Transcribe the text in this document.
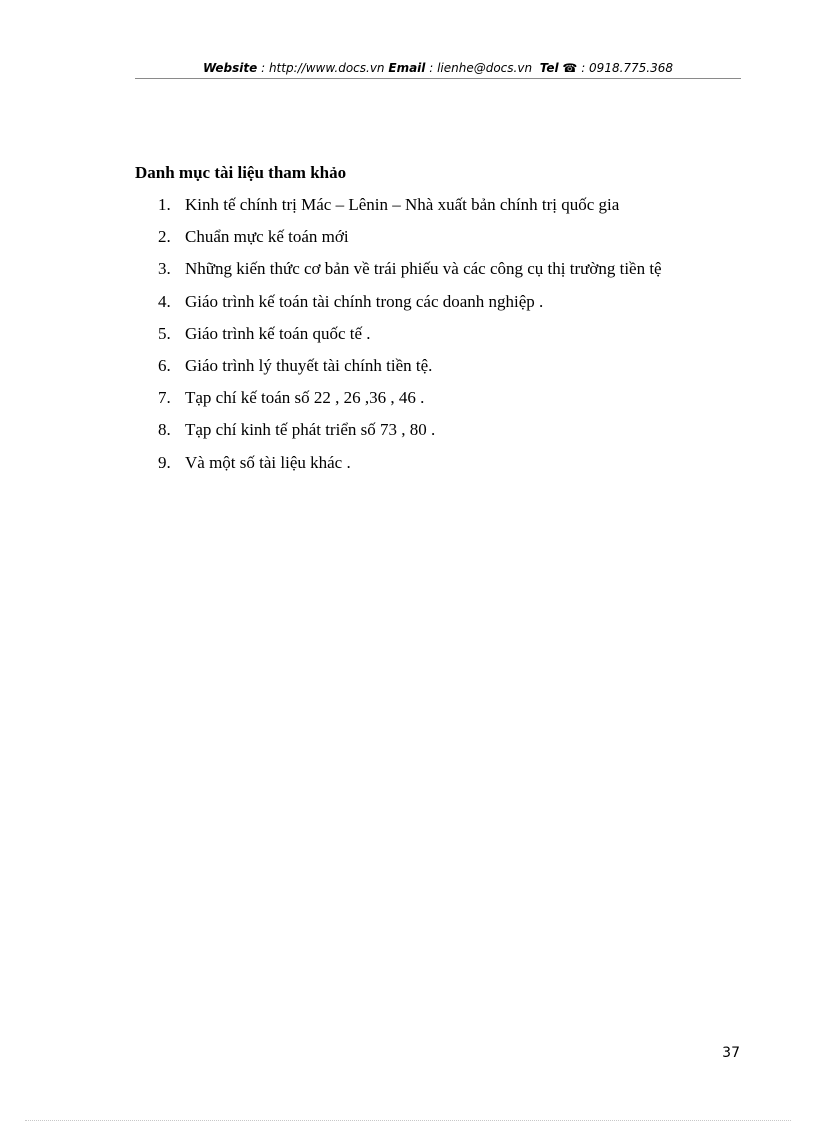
Website : http://www.docs.vn Email : lienhe@docs.vn Tel ☎ : 0918.775.368
Danh mục tài liệu tham khảo
1. Kinh tế chính trị Mác – Lênin – Nhà xuất bản chính trị quốc gia
2. Chuẩn mực kế toán mới
3. Những kiến thức cơ bản về trái phiếu và các công cụ thị trường tiền tệ
4. Giáo trình kế toán tài chính trong các doanh nghiệp .
5. Giáo trình kế toán quốc tế .
6. Giáo trình lý thuyết tài chính tiền tệ.
7. Tạp chí kế toán số 22 , 26 ,36 , 46 .
8. Tạp chí kinh tế phát triển số 73 , 80 .
9. Và một số tài liệu khác .
37
